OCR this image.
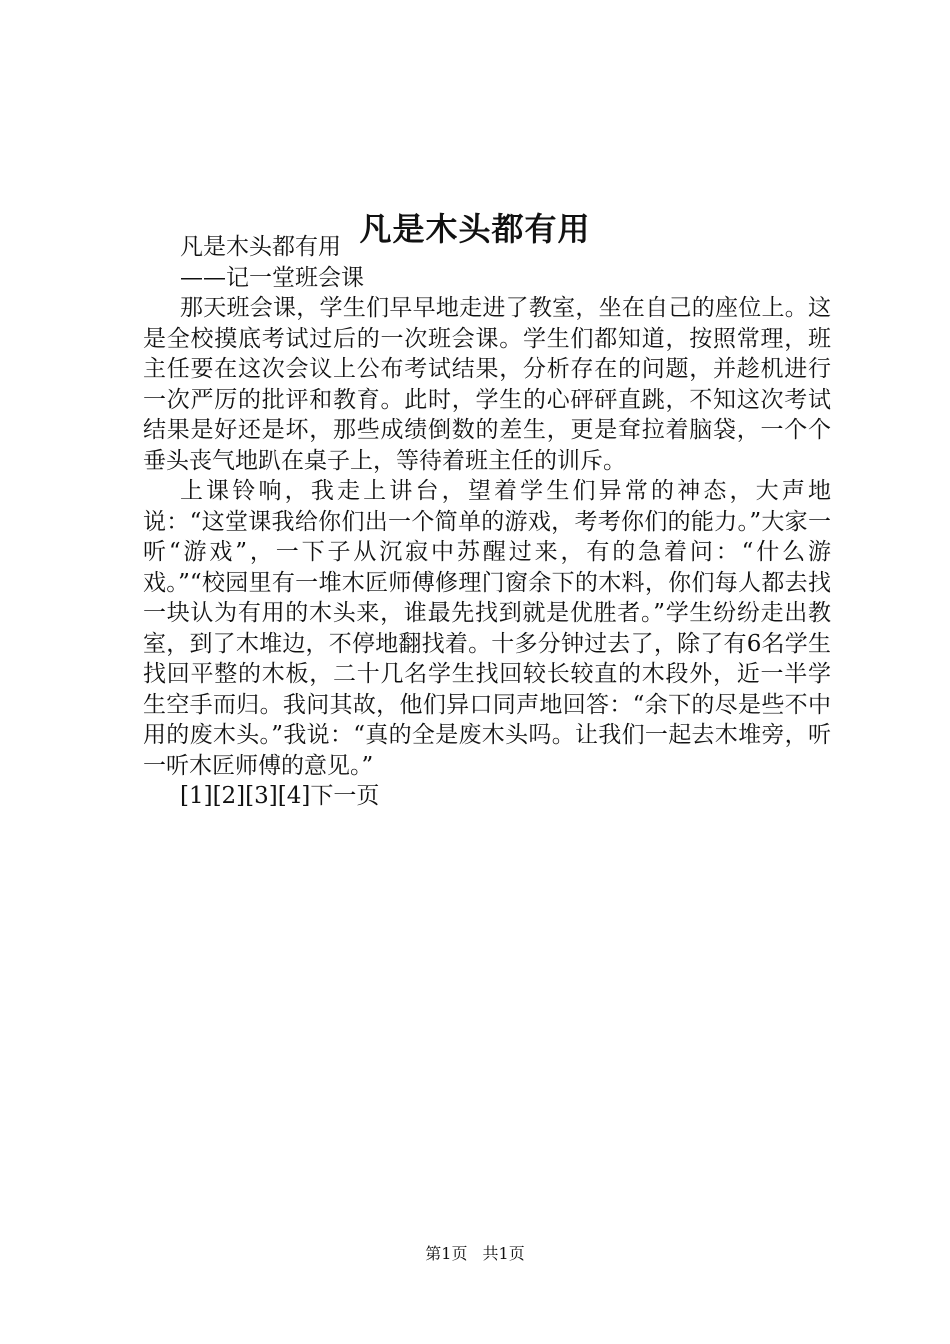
凡是木头都有用

凡是木头都有用

——记一堂班会课

那天班会课，学生们早早地走进了教室，坐在自己的座位上。这是全校摸底考试过后的一次班会课。学生们都知道，按照常理，班主任要在这次会议上公布考试结果，分析存在的问题，并趁机进行一次严厉的批评和教育。此时，学生的心砰砰直跳，不知这次考试结果是好还是坏，那些成绩倒数的差生，更是耷拉着脑袋，一个个垂头丧气地趴在桌子上，等待着班主任的训斥。

上课铃响，我走上讲台，望着学生们异常的神态，大声地说：“这堂课我给你们出一个简单的游戏，考考你们的能力。”大家一听“游戏”，一下子从沉寂中苏醒过来，有的急着问：“什么游戏。”“校园里有一堆木匠师傅修理门窗余下的木料，你们每人都去找一块认为有用的木头来，谁最先找到就是优胜者。”学生纷纷走出教室，到了木堆边，不停地翻找着。十多分钟过去了，除了有6名学生找回平整的木板，二十几名学生找回较长较直的木段外，近一半学生空手而归。我问其故，他们异口同声地回答：“余下的尽是些不中用的废木头。”我说：“真的全是废木头吗。让我们一起去木堆旁，听一听木匠师傅的意见。”

[1][2][3][4]下一页

第1页 共1页
